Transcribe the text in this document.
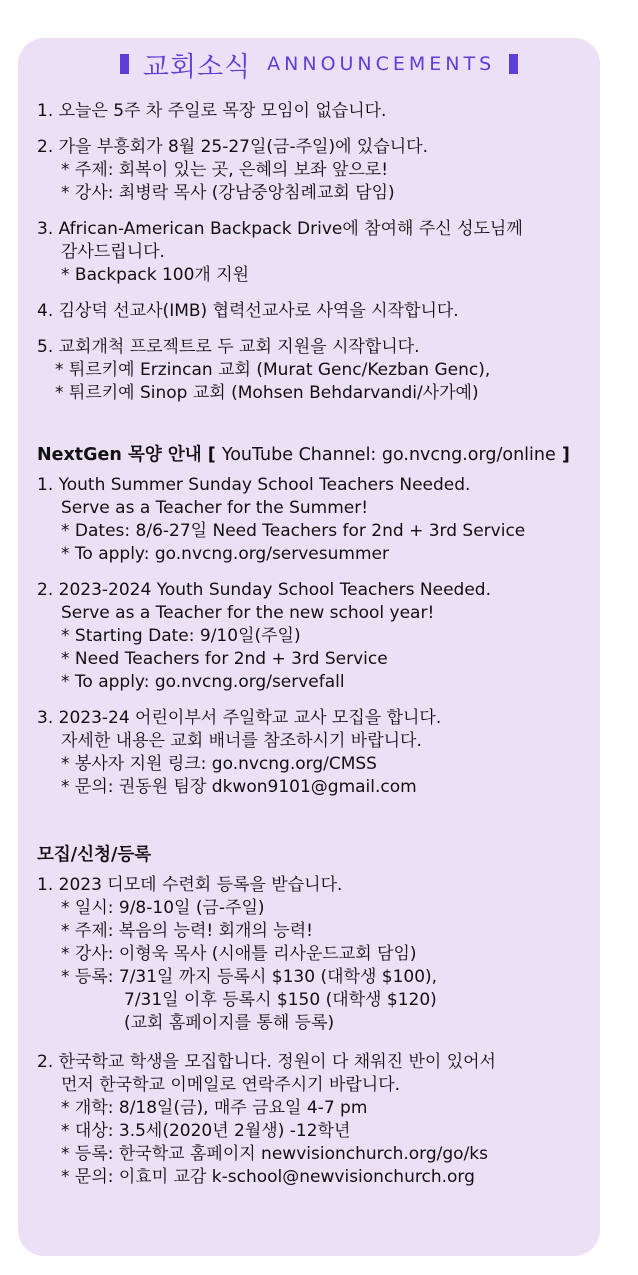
교회소식 ANNOUNCEMENTS
1. 오늘은 5주 차 주일로 목장 모임이 없습니다.
2. 가을 부흥회가 8월 25-27일(금-주일)에 있습니다.
* 주제: 회복이 있는 곳, 은혜의 보좌 앞으로!
* 강사: 최병락 목사 (강남중앙침례교회 담임)
3. African-American Backpack Drive에 참여해 주신 성도님께
감사드립니다.
* Backpack 100개 지원
4. 김상덕 선교사(IMB) 협력선교사로 사역을 시작합니다.
5. 교회개척 프로젝트로 두 교회 지원을 시작합니다.
* 튀르키예 Erzincan 교회 (Murat Genc/Kezban Genc),
* 튀르키예 Sinop 교회 (Mohsen Behdarvandi/사가예)
NextGen 목양 안내 [ YouTube Channel: go.nvcng.org/online ]
1. Youth Summer Sunday School Teachers Needed.
Serve as a Teacher for the Summer!
* Dates: 8/6-27일 Need Teachers for 2nd + 3rd Service
* To apply: go.nvcng.org/servesummer
2. 2023-2024 Youth Sunday School Teachers Needed.
Serve as a Teacher for the new school year!
* Starting Date: 9/10일(주일)
* Need Teachers for 2nd + 3rd Service
* To apply: go.nvcng.org/servefall
3. 2023-24 어린이부서 주일학교 교사 모집을 합니다.
자세한 내용은 교회 배너를 참조하시기 바랍니다.
* 봉사자 지원 링크: go.nvcng.org/CMSS
* 문의: 권동원 팀장 dkwon9101@gmail.com
모집/신청/등록
1. 2023 디모데 수련회 등록을 받습니다.
* 일시: 9/8-10일 (금-주일)
* 주제: 복음의 능력! 회개의 능력!
* 강사: 이형욱 목사 (시애틀 리사운드교회 담임)
* 등록: 7/31일 까지 등록시 $130 (대학생 $100),
7/31일 이후 등록시 $150 (대학생 $120)
(교회 홈페이지를 통해 등록)
2. 한국학교 학생을 모집합니다. 정원이 다 채워진 반이 있어서
먼저 한국학교 이메일로 연락주시기 바랍니다.
* 개학: 8/18일(금), 매주 금요일 4-7 pm
* 대상: 3.5세(2020년 2월생) -12학년
* 등록: 한국학교 홈페이지 newvisionchurch.org/go/ks
* 문의: 이효미 교감 k-school@newvisionchurch.org
